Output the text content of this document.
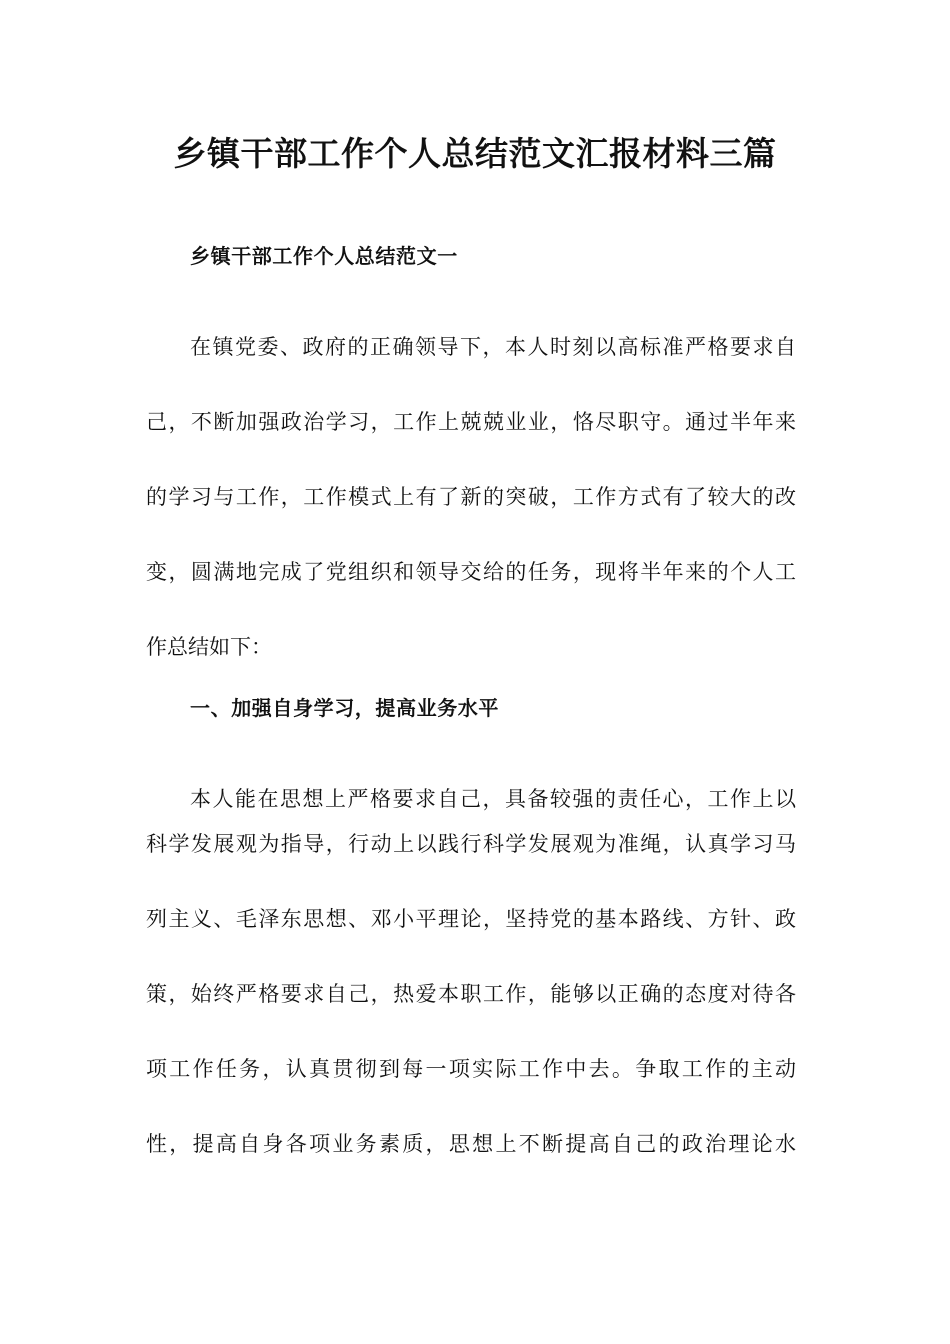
乡镇干部工作个人总结范文汇报材料三篇
乡镇干部工作个人总结范文一

在镇党委、政府的正确领导下，本人时刻以高标准严格要求自

己，不断加强政治学习，工作上兢兢业业，恪尽职守。通过半年来

的学习与工作，工作模式上有了新的突破，工作方式有了较大的改

变，圆满地完成了党组织和领导交给的任务，现将半年来的个人工

作总结如下：

一、加强自身学习，提高业务水平

本人能在思想上严格要求自己，具备较强的责任心，工作上以

科学发展观为指导，行动上以践行科学发展观为准绳，认真学习马

列主义、毛泽东思想、邓小平理论，坚持党的基本路线、方针、政

策，始终严格要求自己，热爱本职工作，能够以正确的态度对待各

项工作任务，认真贯彻到每一项实际工作中去。争取工作的主动

性，提高自身各项业务素质，思想上不断提高自己的政治理论水
